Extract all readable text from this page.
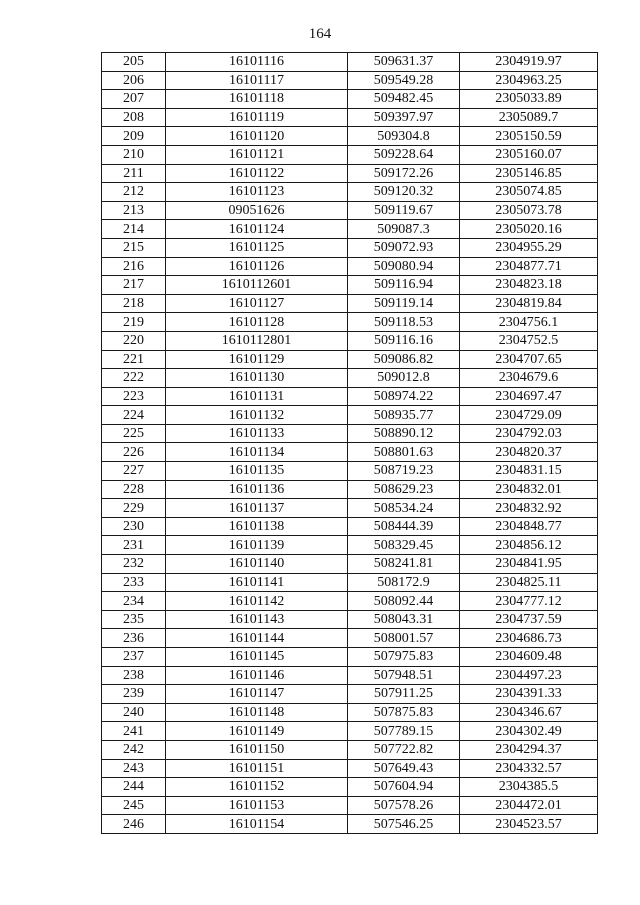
164
205	16101116	509631.37	2304919.97
206	16101117	509549.28	2304963.25
207	16101118	509482.45	2305033.89
208	16101119	509397.97	2305089.7
209	16101120	509304.8	2305150.59
210	16101121	509228.64	2305160.07
211	16101122	509172.26	2305146.85
212	16101123	509120.32	2305074.85
213	09051626	509119.67	2305073.78
214	16101124	509087.3	2305020.16
215	16101125	509072.93	2304955.29
216	16101126	509080.94	2304877.71
217	1610112601	509116.94	2304823.18
218	16101127	509119.14	2304819.84
219	16101128	509118.53	2304756.1
220	1610112801	509116.16	2304752.5
221	16101129	509086.82	2304707.65
222	16101130	509012.8	2304679.6
223	16101131	508974.22	2304697.47
224	16101132	508935.77	2304729.09
225	16101133	508890.12	2304792.03
226	16101134	508801.63	2304820.37
227	16101135	508719.23	2304831.15
228	16101136	508629.23	2304832.01
229	16101137	508534.24	2304832.92
230	16101138	508444.39	2304848.77
231	16101139	508329.45	2304856.12
232	16101140	508241.81	2304841.95
233	16101141	508172.9	2304825.11
234	16101142	508092.44	2304777.12
235	16101143	508043.31	2304737.59
236	16101144	508001.57	2304686.73
237	16101145	507975.83	2304609.48
238	16101146	507948.51	2304497.23
239	16101147	507911.25	2304391.33
240	16101148	507875.83	2304346.67
241	16101149	507789.15	2304302.49
242	16101150	507722.82	2304294.37
243	16101151	507649.43	2304332.57
244	16101152	507604.94	2304385.5
245	16101153	507578.26	2304472.01
246	16101154	507546.25	2304523.57
